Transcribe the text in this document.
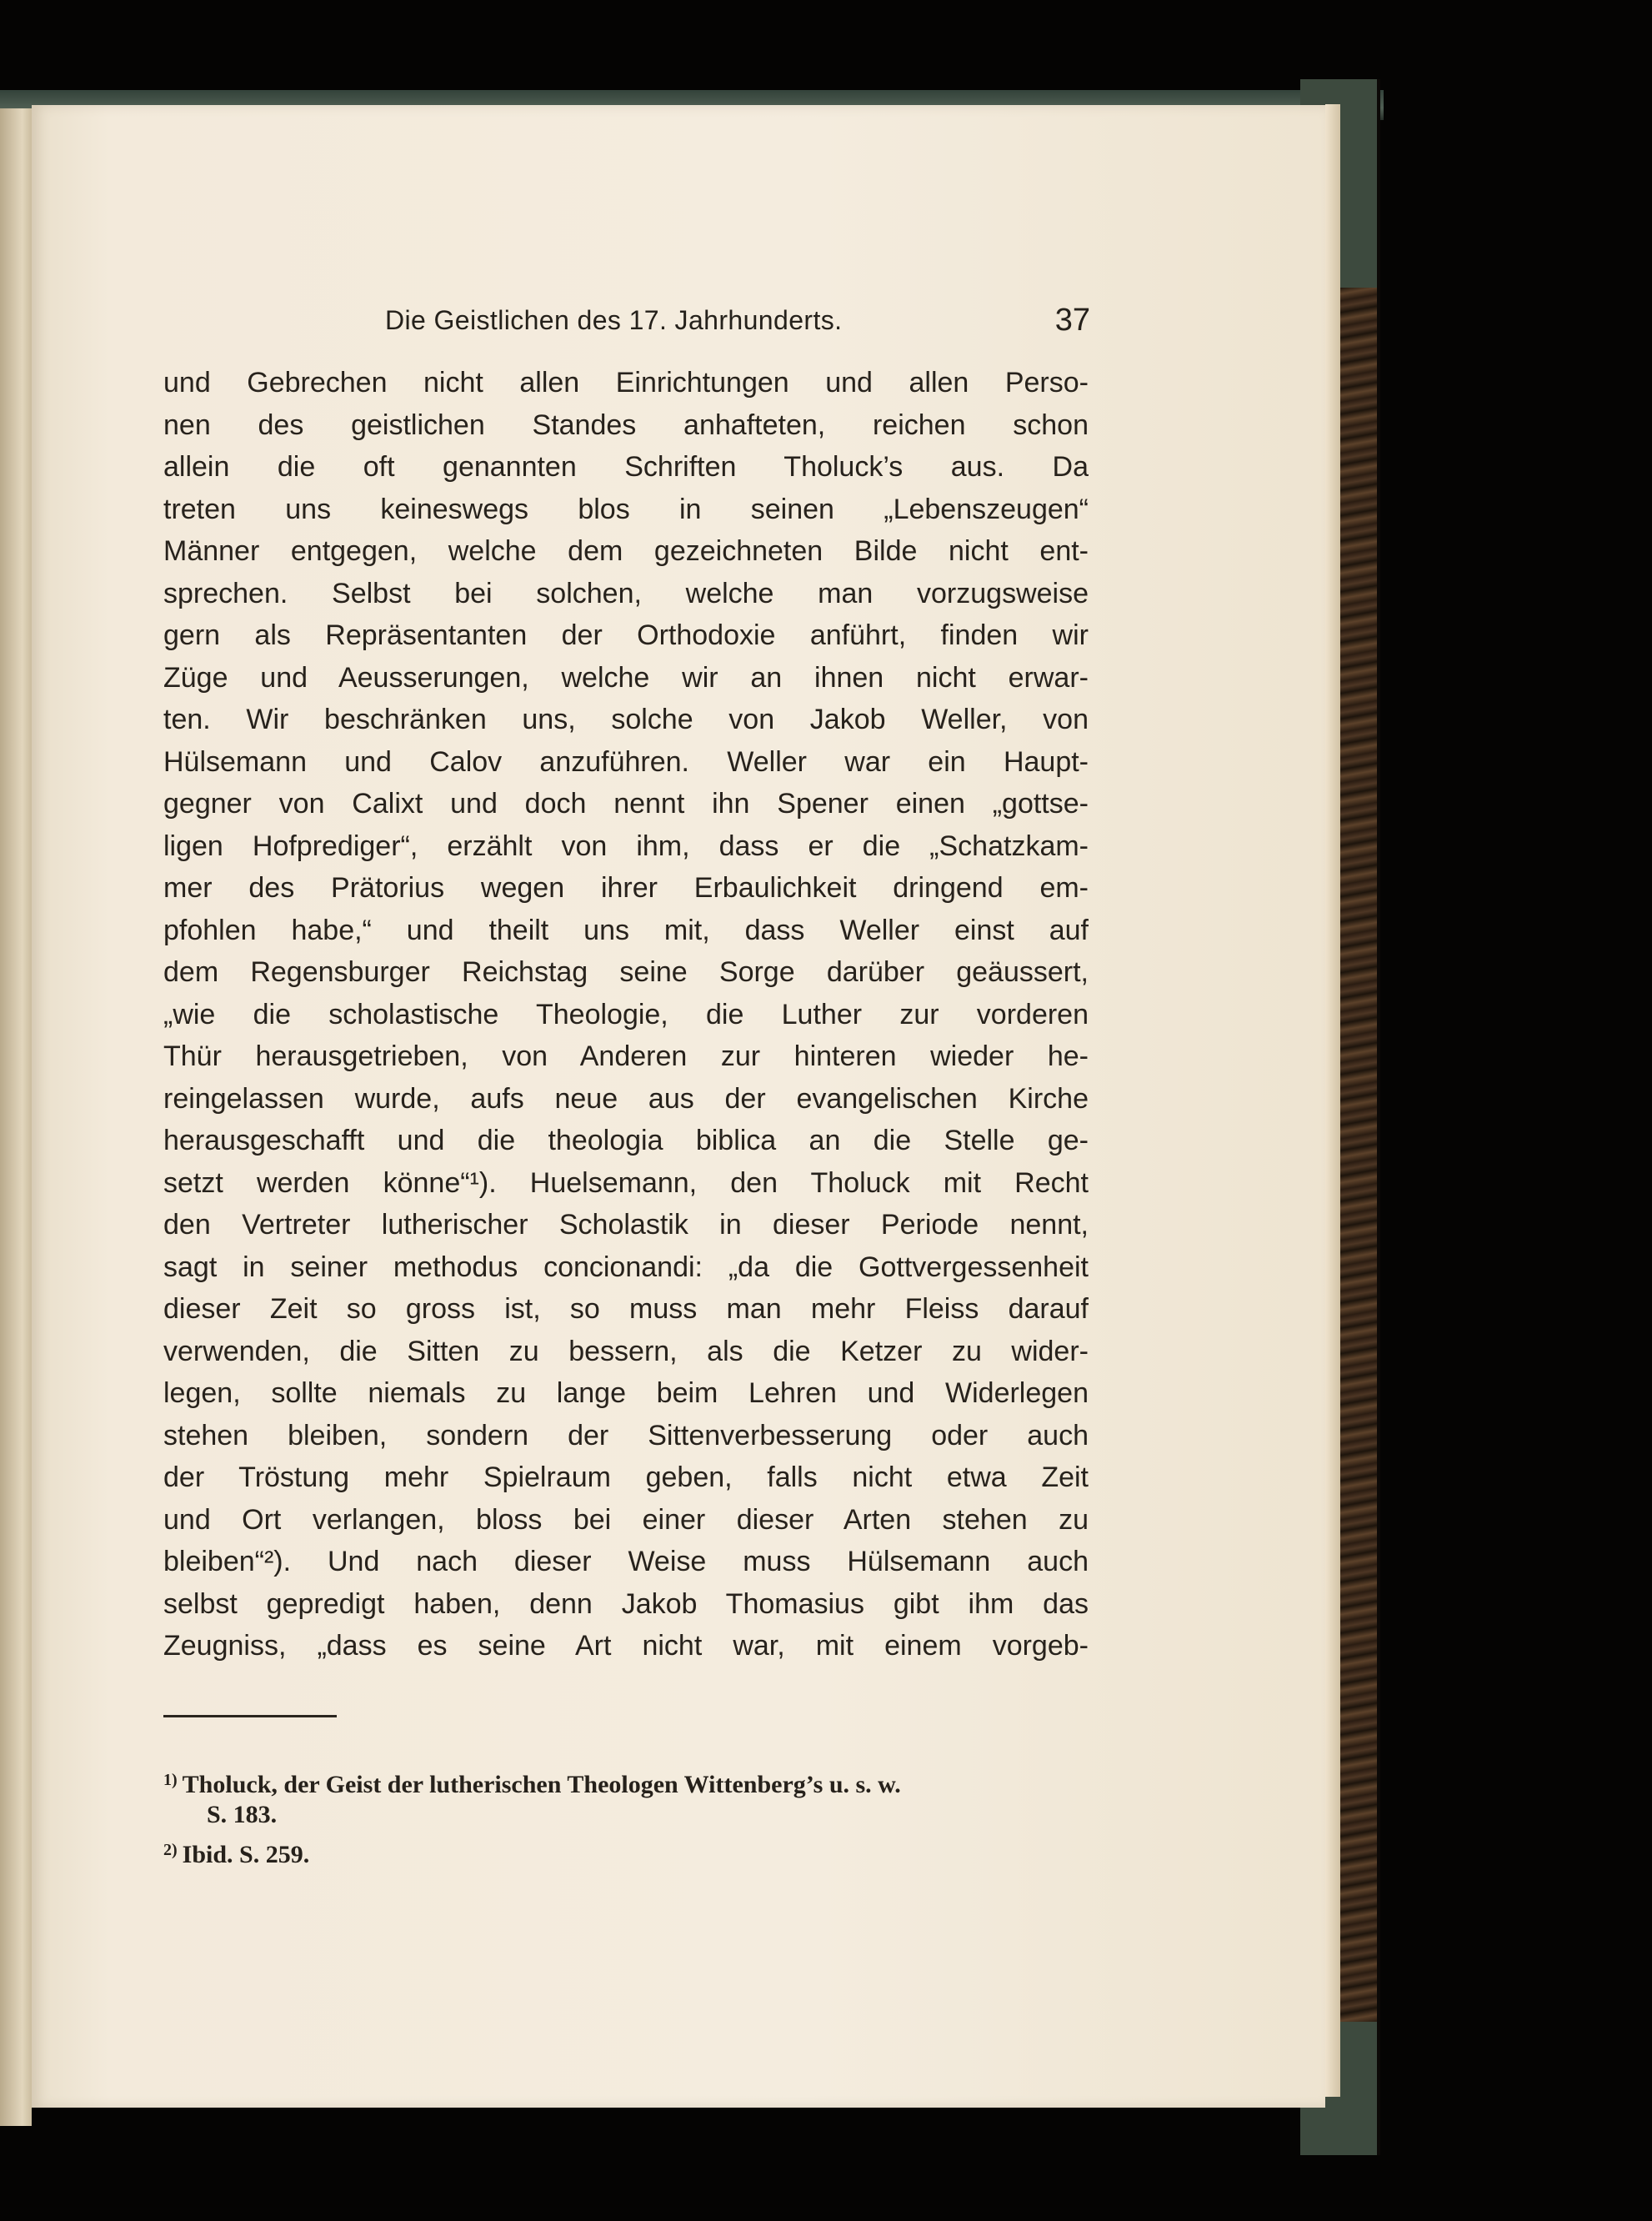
Die Geistlichen des 17. Jahrhunderts.	37
und Gebrechen nicht allen Einrichtungen und allen Perso-
nen des geistlichen Standes anhafteten, reichen schon
allein die oft genannten Schriften Tholuck’s aus. Da
treten uns keineswegs blos in seinen „Lebenszeugen“
Männer entgegen, welche dem gezeichneten Bilde nicht ent-
sprechen. Selbst bei solchen, welche man vorzugsweise
gern als Repräsentanten der Orthodoxie anführt, finden wir
Züge und Aeusserungen, welche wir an ihnen nicht erwar-
ten. Wir beschränken uns, solche von Jakob Weller, von
Hülsemann und Calov anzuführen. Weller war ein Haupt-
gegner von Calixt und doch nennt ihn Spener einen „gottse-
ligen Hofprediger“, erzählt von ihm, dass er die „Schatzkam-
mer des Prätorius wegen ihrer Erbaulichkeit dringend em-
pfohlen habe,“ und theilt uns mit, dass Weller einst auf
dem Regensburger Reichstag seine Sorge darüber geäussert,
„wie die scholastische Theologie, die Luther zur vorderen
Thür herausgetrieben, von Anderen zur hinteren wieder he-
reingelassen wurde, aufs neue aus der evangelischen Kirche
herausgeschafft und die theologia biblica an die Stelle ge-
setzt werden könne“¹). Huelsemann, den Tholuck mit Recht
den Vertreter lutherischer Scholastik in dieser Periode nennt,
sagt in seiner methodus concionandi: „da die Gottvergessenheit
dieser Zeit so gross ist, so muss man mehr Fleiss darauf
verwenden, die Sitten zu bessern, als die Ketzer zu wider-
legen, sollte niemals zu lange beim Lehren und Widerlegen
stehen bleiben, sondern der Sittenverbesserung oder auch
der Tröstung mehr Spielraum geben, falls nicht etwa Zeit
und Ort verlangen, bloss bei einer dieser Arten stehen zu
bleiben“²). Und nach dieser Weise muss Hülsemann auch
selbst gepredigt haben, denn Jakob Thomasius gibt ihm das
Zeugniss, „dass es seine Art nicht war, mit einem vorgeb-
$^{1)}$ Tholuck, der Geist der lutherischen Theologen Wittenberg’s u. s. w.
S. 183.
$^{2)}$ Ibid. S. 259.
